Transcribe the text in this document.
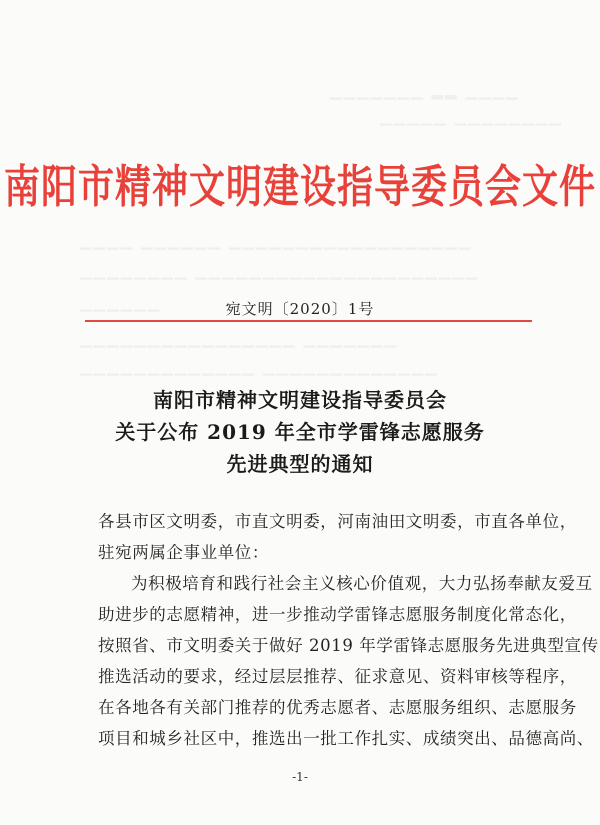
▁▁▁▁▁▁▁ ▂▂ ▁▁▁▁
▁▁▁▁▁ ▁▁▁▁▁▁▁▁
▁▁▁▁ ▁▁▁▁▁▁ ▁▁▁▁▁▁▁▁▁▁▁▁▁▁▁▁▁▁
▁▁▁▁▁▁▁▁ ▁▁▁▁▁▁▁▁▁▁▁▁▁▁▁▁▁▁▁▁▁
▁▁▁▁▁▁
▁▁▁▁▁▁▁▁▁▁▁▁▁▁▁▁ ▁▁▁▁▁▁▁
▁▁▁▁▁▁▁▁▁▁▁▁▁ ▁▁▁▁▁▁▁▁▁▁▁▁▁
南阳市精神文明建设指导委员会文件
宛文明〔2020〕1号
南阳市精神文明建设指导委员会
关于公布 2019 年全市学雷锋志愿服务
先进典型的通知
各县市区文明委，市直文明委，河南油田文明委，市直各单位，
驻宛两属企事业单位：
为积极培育和践行社会主义核心价值观，大力弘扬奉献友爱互
助进步的志愿精神，进一步推动学雷锋志愿服务制度化常态化，
按照省、市文明委关于做好 2019 年学雷锋志愿服务先进典型宣传
推选活动的要求，经过层层推荐、征求意见、资料审核等程序，
在各地各有关部门推荐的优秀志愿者、志愿服务组织、志愿服务
项目和城乡社区中，推选出一批工作扎实、成绩突出、品德高尚、
-1-
